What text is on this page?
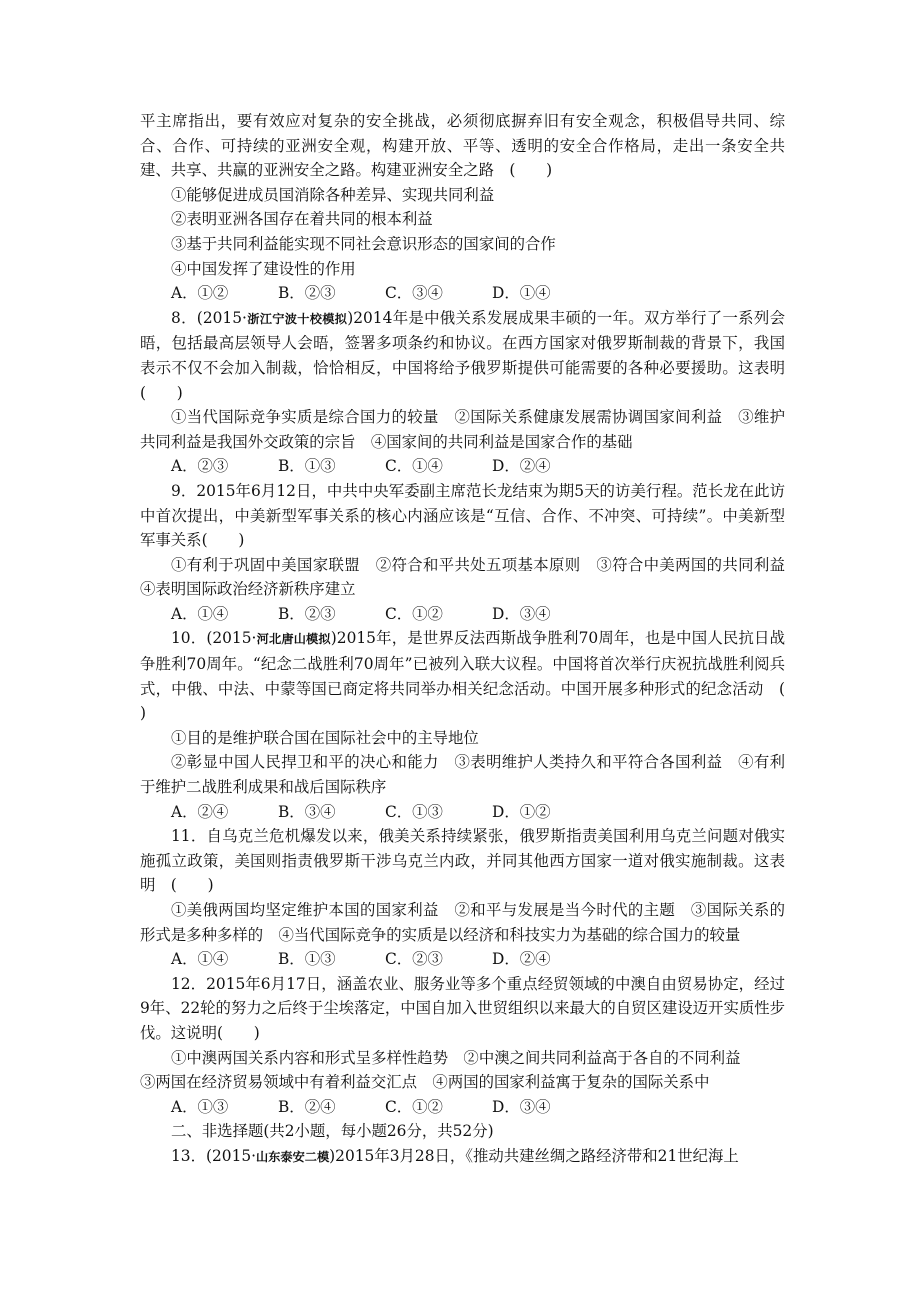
平主席指出，要有效应对复杂的安全挑战，必须彻底摒弃旧有安全观念，积极倡导共同、综合、合作、可持续的亚洲安全观，构建开放、平等、透明的安全合作格局，走出一条安全共建、共享、共赢的亚洲安全之路。构建亚洲安全之路　(　　)
①能够促进成员国消除各种差异、实现共同利益
②表明亚洲各国存在着共同的根本利益
③基于共同利益能实现不同社会意识形态的国家间的合作
④中国发挥了建设性的作用
A．①②	B．②③	C．③④	D．①④
8．(2015·浙江宁波十校模拟)2014年是中俄关系发展成果丰硕的一年。双方举行了一系列会晤，包括最高层领导人会晤，签署多项条约和协议。在西方国家对俄罗斯制裁的背景下，我国表示不仅不会加入制裁，恰恰相反，中国将给予俄罗斯提供可能需要的各种必要援助。这表明　(　　)
①当代国际竞争实质是综合国力的较量　②国际关系健康发展需协调国家间利益　③维护共同利益是我国外交政策的宗旨　④国家间的共同利益是国家合作的基础
A．②③	B．①③	C．①④	D．②④
9．2015年6月12日，中共中央军委副主席范长龙结束为期5天的访美行程。范长龙在此访中首次提出，中美新型军事关系的核心内涵应该是“互信、合作、不冲突、可持续”。中美新型军事关系(　　)
①有利于巩固中美国家联盟　②符合和平共处五项基本原则　③符合中美两国的共同利益　④表明国际政治经济新秩序建立
A．①④	B．②③	C．①②	D．③④
10．(2015·河北唐山模拟)2015年，是世界反法西斯战争胜利70周年，也是中国人民抗日战争胜利70周年。“纪念二战胜利70周年”已被列入联大议程。中国将首次举行庆祝抗战胜利阅兵式，中俄、中法、中蒙等国已商定将共同举办相关纪念活动。中国开展多种形式的纪念活动　(　　)
①目的是维护联合国在国际社会中的主导地位
②彰显中国人民捍卫和平的决心和能力　③表明维护人类持久和平符合各国利益　④有利于维护二战胜利成果和战后国际秩序
A．②④	B．③④	C．①③	D．①②
11．自乌克兰危机爆发以来，俄美关系持续紧张，俄罗斯指责美国利用乌克兰问题对俄实施孤立政策，美国则指责俄罗斯干涉乌克兰内政，并同其他西方国家一道对俄实施制裁。这表明　(　　)
①美俄两国均坚定维护本国的国家利益　②和平与发展是当今时代的主题　③国际关系的形式是多种多样的　④当代国际竞争的实质是以经济和科技实力为基础的综合国力的较量
A．①④	B．①③	C．②③	D．②④
12．2015年6月17日，涵盖农业、服务业等多个重点经贸领域的中澳自由贸易协定，经过9年、22轮的努力之后终于尘埃落定，中国自加入世贸组织以来最大的自贸区建设迈开实质性步伐。这说明(　　)
①中澳两国关系内容和形式呈多样性趋势　②中澳之间共同利益高于各自的不同利益
③两国在经济贸易领域中有着利益交汇点　④两国的国家利益寓于复杂的国际关系中
A．①③	B．②④	C．①②	D．③④
二、非选择题(共2小题，每小题26分，共52分)
13．(2015·山东泰安二模)2015年3月28日，《推动共建丝绸之路经济带和21世纪海上
